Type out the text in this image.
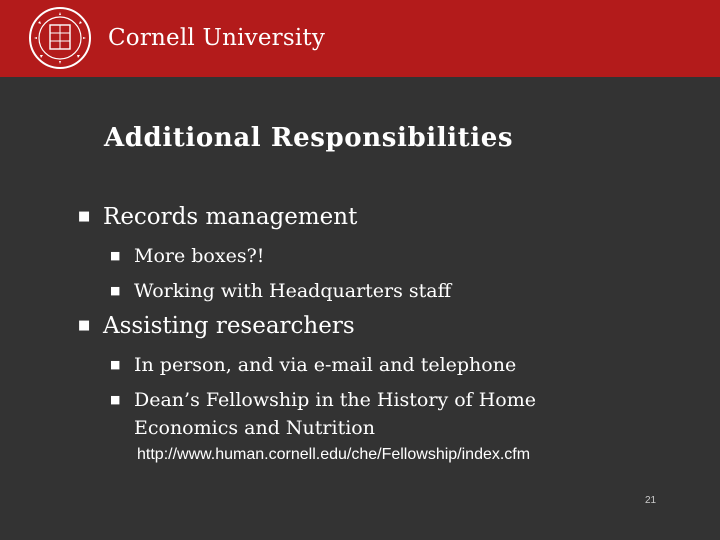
Cornell University
Additional Responsibilities
■ Records management
■ More boxes?!
■ Working with Headquarters staff
■ Assisting researchers
■ In person, and via e-mail and telephone
■ Dean’s Fellowship in the History of Home
Economics and Nutrition
http://www.human.cornell.edu/che/Fellowship/index.cfm
21
